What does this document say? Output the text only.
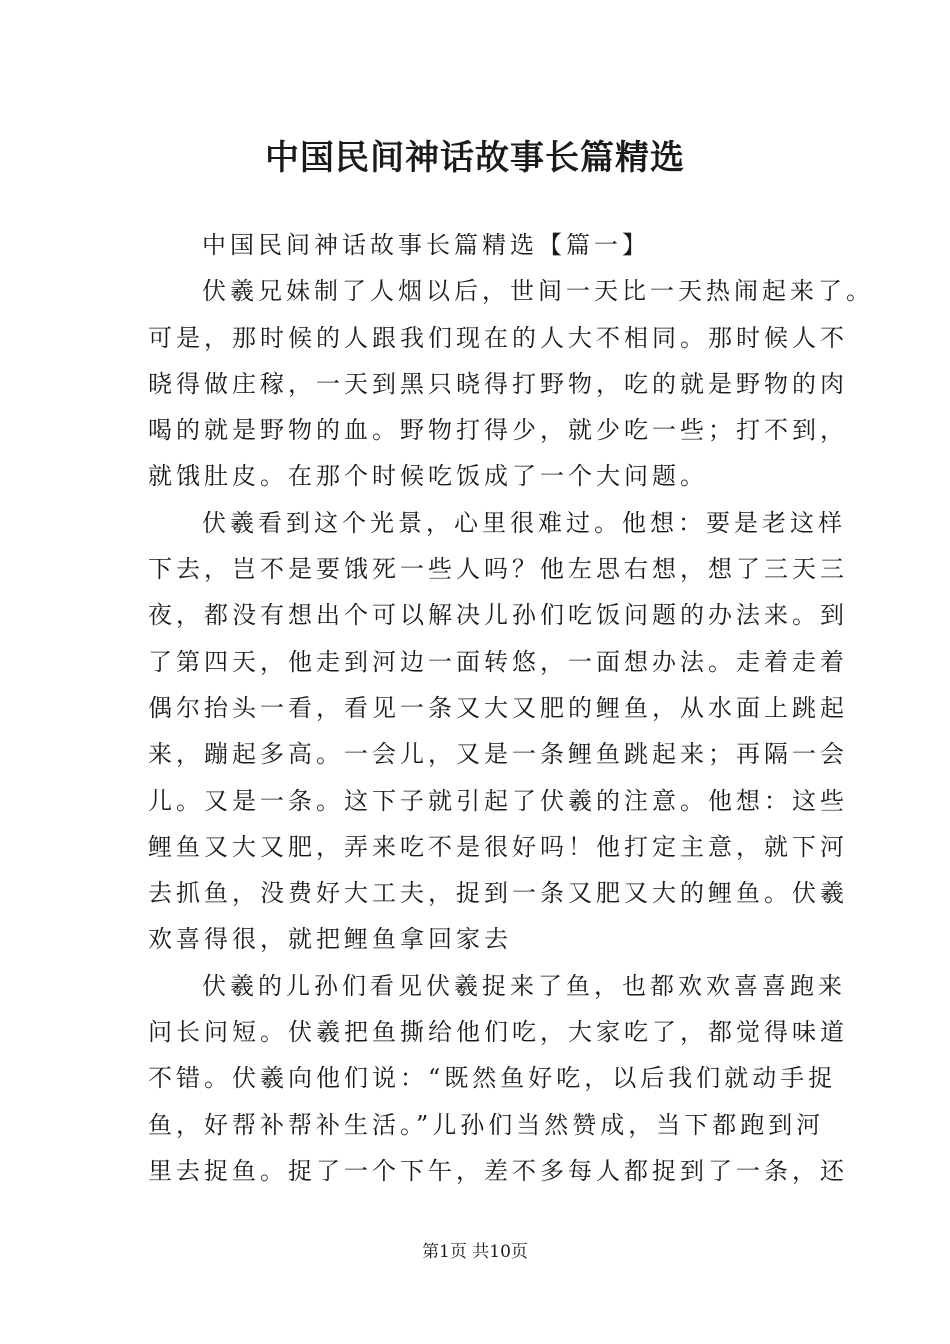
中国民间神话故事长篇精选

中国民间神话故事长篇精选【篇一】

伏羲兄妹制了人烟以后，世间一天比一天热闹起来了。
可是，那时候的人跟我们现在的人大不相同。那时候人不
晓得做庄稼，一天到黑只晓得打野物，吃的就是野物的肉
喝的就是野物的血。野物打得少，就少吃一些；打不到，
就饿肚皮。在那个时候吃饭成了一个大问题。

伏羲看到这个光景，心里很难过。他想：要是老这样
下去，岂不是要饿死一些人吗？他左思右想，想了三天三
夜，都没有想出个可以解决儿孙们吃饭问题的办法来。到
了第四天，他走到河边一面转悠，一面想办法。走着走着
偶尔抬头一看，看见一条又大又肥的鲤鱼，从水面上跳起
来，蹦起多高。一会儿，又是一条鲤鱼跳起来；再隔一会
儿。又是一条。这下子就引起了伏羲的注意。他想：这些
鲤鱼又大又肥，弄来吃不是很好吗！他打定主意，就下河
去抓鱼，没费好大工夫，捉到一条又肥又大的鲤鱼。伏羲
欢喜得很，就把鲤鱼拿回家去

伏羲的儿孙们看见伏羲捉来了鱼，也都欢欢喜喜跑来
问长问短。伏羲把鱼撕给他们吃，大家吃了，都觉得味道
不错。伏羲向他们说：“既然鱼好吃，以后我们就动手捉
鱼，好帮补帮补生活。”儿孙们当然赞成，当下都跑到河
里去捉鱼。捉了一个下午，差不多每人都捉到了一条，还

第1页 共10页
